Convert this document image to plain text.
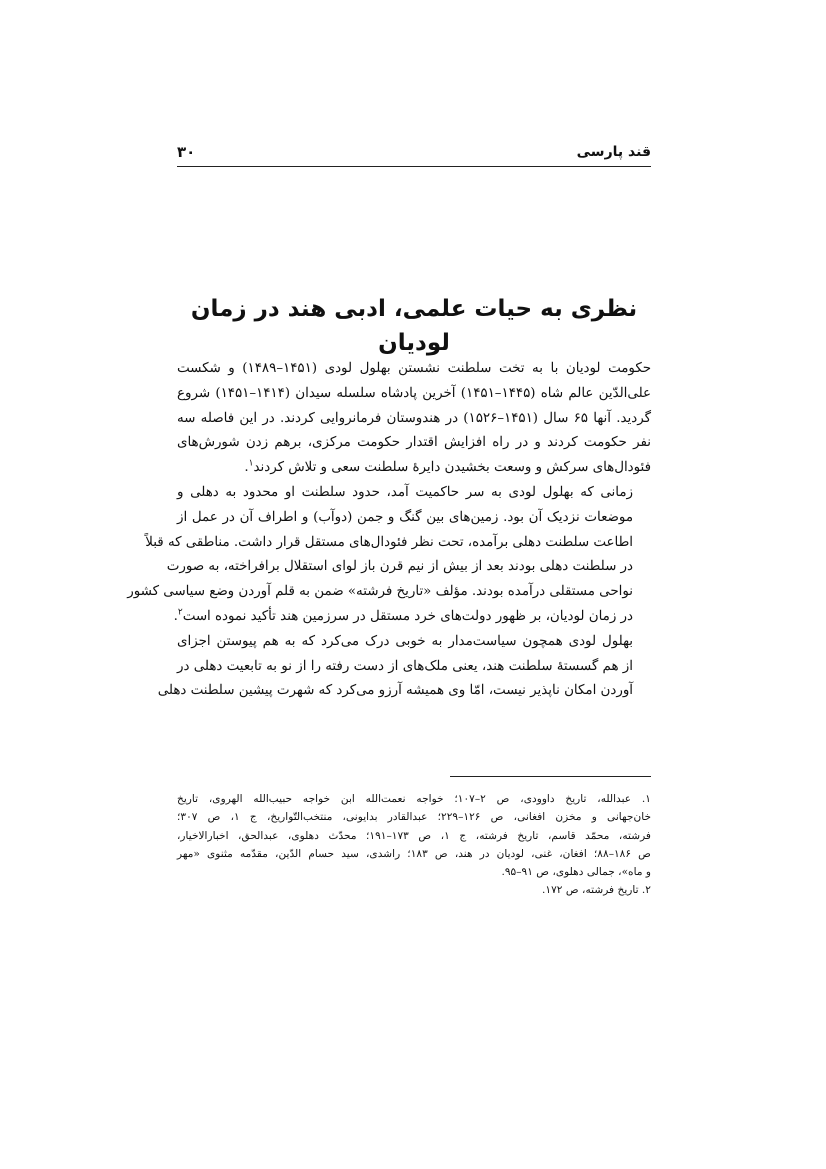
قند پارسی
۳۰
نظری به حیات علمی، ادبی هند در زمان لودیان

حکومت لودیان با به تخت سلطنت نشستن بهلول لودی (۱۴۵۱–۱۴۸۹) و شکست
علی‌الدّین عالم شاه (۱۴۴۵–۱۴۵۱) آخرین پادشاه سلسله سیدان (۱۴۱۴–۱۴۵۱) شروع
گردید. آنها ۶۵ سال (۱۴۵۱–۱۵۲۶) در هندوستان فرمانروایی کردند. در این فاصله سه
نفر حکومت کردند و در راه افزایش اقتدار حکومت مرکزی، برهم زدن شورش‌های
فئودال‌های سرکش و وسعت بخشیدن دایرۀ سلطنت سعی و تلاش کردند$^۱$.

زمانی که بهلول لودی به سر حاکمیت آمد، حدود سلطنت او محدود به دهلی و
موضعات نزدیک آن بود. زمین‌های بین گنگ و جمن (دوآب) و اطراف آن در عمل از
اطاعت سلطنت دهلی برآمده، تحت نظر فئودال‌های مستقل قرار داشت. مناطقی که قبلاً
در سلطنت دهلی بودند بعد از بیش از نیم قرن باز لوای استقلال برافراخته، به صورت
نواحی مستقلی درآمده بودند. مؤلف «تاریخ فرشته» ضمن به قلم آوردن وضع سیاسی کشور
در زمان لودیان، بر ظهور دولت‌های خرد مستقل در سرزمین هند تأکید نموده است$^۲$.

بهلول لودی همچون سیاست‌مدار به خوبی درک می‌کرد که به هم پیوستن اجزای
از هم گسستۀ سلطنت هند، یعنی ملک‌های از دست رفته را از نو به تابعیت دهلی در
آوردن امکان ناپذیر نیست، امّا وی همیشه آرزو می‌کرد که شهرت پیشین سلطنت دهلی

۱. عبدالله، تاریخ داوودی، ص ۲–۱۰۷؛ خواجه نعمت‌الله ابن خواجه حبیب‌الله الهروی، تاریخ
خان‌جهانی و مخزن افغانی، ص ۱۲۶–۲۲۹؛ عبدالقادر بدایونی، منتخب‌التّواریخ، ج ۱، ص ۳۰۷؛
فرشته، محمّد قاسم، تاریخ فرشته، ج ۱، ص ۱۷۳–۱۹۱؛ محدّث دهلوی، عبدالحق، اخبارالاخیار،
ص ۱۸۶–۸۸؛ افغان، غنی، لودیان در هند، ص ۱۸۳؛ راشدی، سید حسام الدّین، مقدّمه مثنوی «مهر
و ماه»، جمالی دهلوی، ص ۹۱–۹۵.

۲. تاریخ فرشته، ص ۱۷۲.
